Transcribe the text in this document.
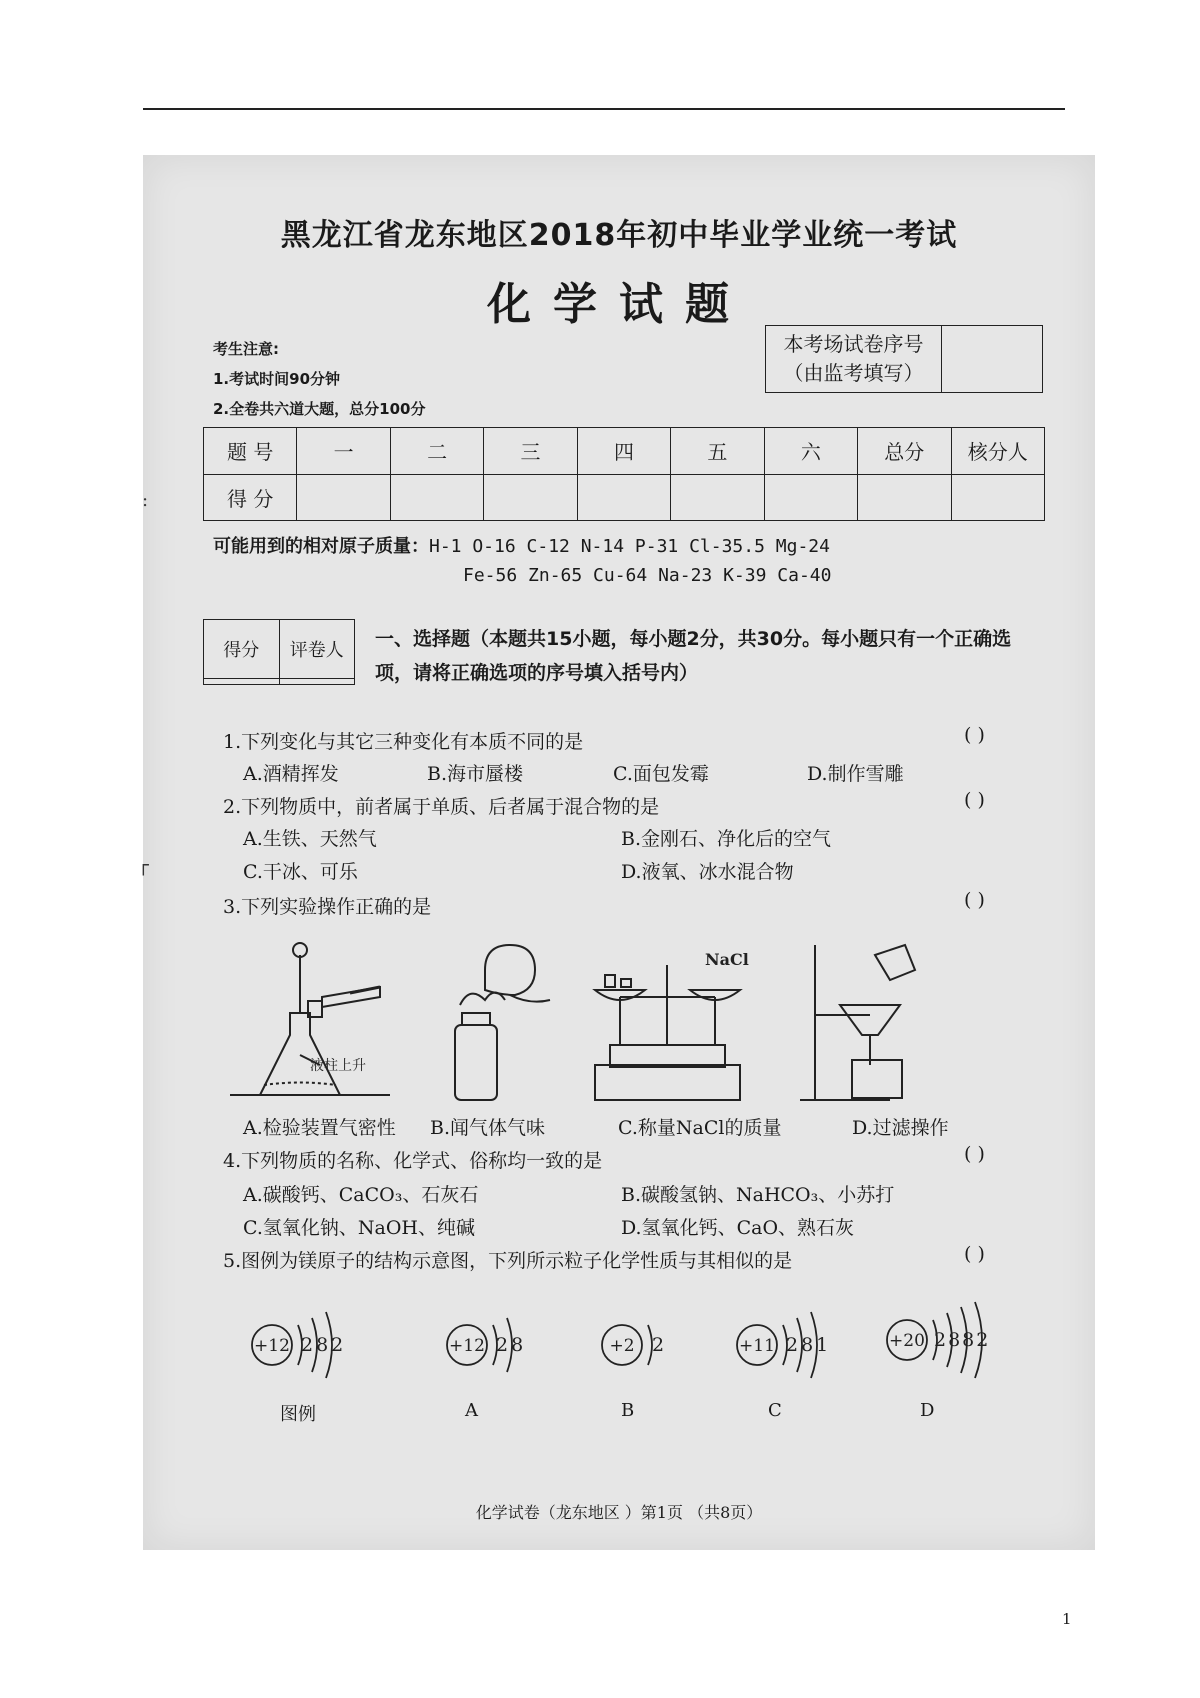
:
┌
黑龙江省龙东地区2018年初中毕业学业统一考试
化学试题
考生注意:
1.考试时间90分钟
2.全卷共六道大题，总分100分
本考场试卷序号
（由监考填写）
题 号	一	二	三	四	五	六	总分	核分人
得 分								
可能用到的相对原子质量：H-1 O-16 C-12 N-14 P-31 Cl-35.5 Mg-24
Fe-56 Zn-65 Cu-64 Na-23 K-39 Ca-40
得分	评卷人

一、选择题（本题共15小题，每小题2分，共30分。每小题只有一个正确选项，请将正确选项的序号填入括号内）
1.下列变化与其它三种变化有本质不同的是	( )
A.酒精挥发	B.海市蜃楼	C.面包发霉	D.制作雪雕
2.下列物质中，前者属于单质、后者属于混合物的是	( )
A.生铁、天然气	B.金刚石、净化后的空气
C.干冰、可乐	D.液氧、冰水混合物
3.下列实验操作正确的是	( )
液柱上升
NaCl
A.检验装置气密性 B.闻气体气味	C.称量NaCl的质量	D.过滤操作
4.下列物质的名称、化学式、俗称均一致的是	( )
A.碳酸钙、CaCO₃、石灰石	B.碳酸氢钠、NaHCO₃、小苏打
C.氢氧化钠、NaOH、纯碱	D.氢氧化钙、CaO、熟石灰
5.图例为镁原子的结构示意图，下列所示粒子化学性质与其相似的是	( )
+12 282	+12 28	+2 2	+11 281	+20 2882
图例	A	B	C	D
化学试卷（龙东地区 ）第1页 （共8页）
1
